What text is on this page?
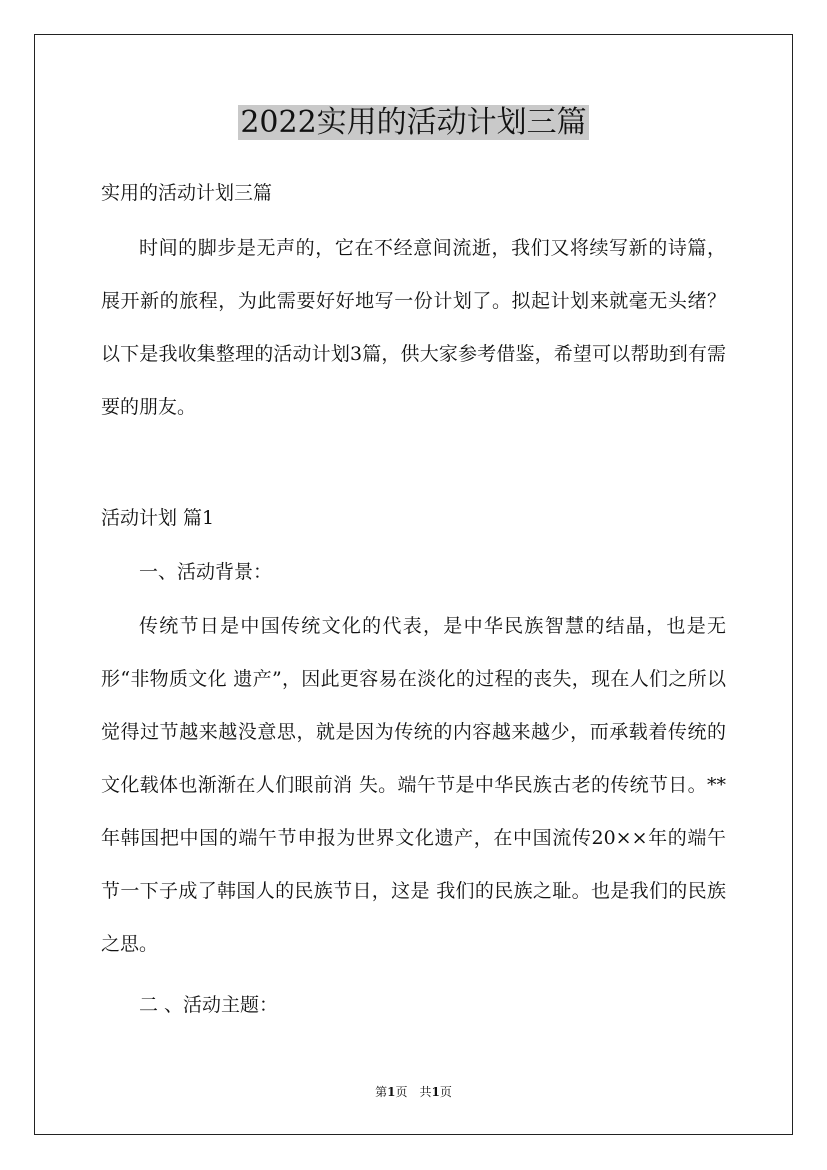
2022实用的活动计划三篇
实用的活动计划三篇
时间的脚步是无声的，它在不经意间流逝，我们又将续写新的诗篇，展开新的旅程，为此需要好好地写一份计划了。拟起计划来就毫无头绪？以下是我收集整理的活动计划3篇，供大家参考借鉴，希望可以帮助到有需要的朋友。
活动计划 篇1
一、活动背景：
传统节日是中国传统文化的代表，是中华民族智慧的结晶，也是无形“非物质文化 遗产”，因此更容易在淡化的过程的丧失，现在人们之所以觉得过节越来越没意思，就是因为传统的内容越来越少，而承载着传统的文化载体也渐渐在人们眼前消 失。端午节是中华民族古老的传统节日。**年韩国把中国的端午节申报为世界文化遗产，在中国流传20××年的端午节一下子成了韩国人的民族节日，这是 我们的民族之耻。也是我们的民族之思。
二 、活动主题：
第1页　共1页
